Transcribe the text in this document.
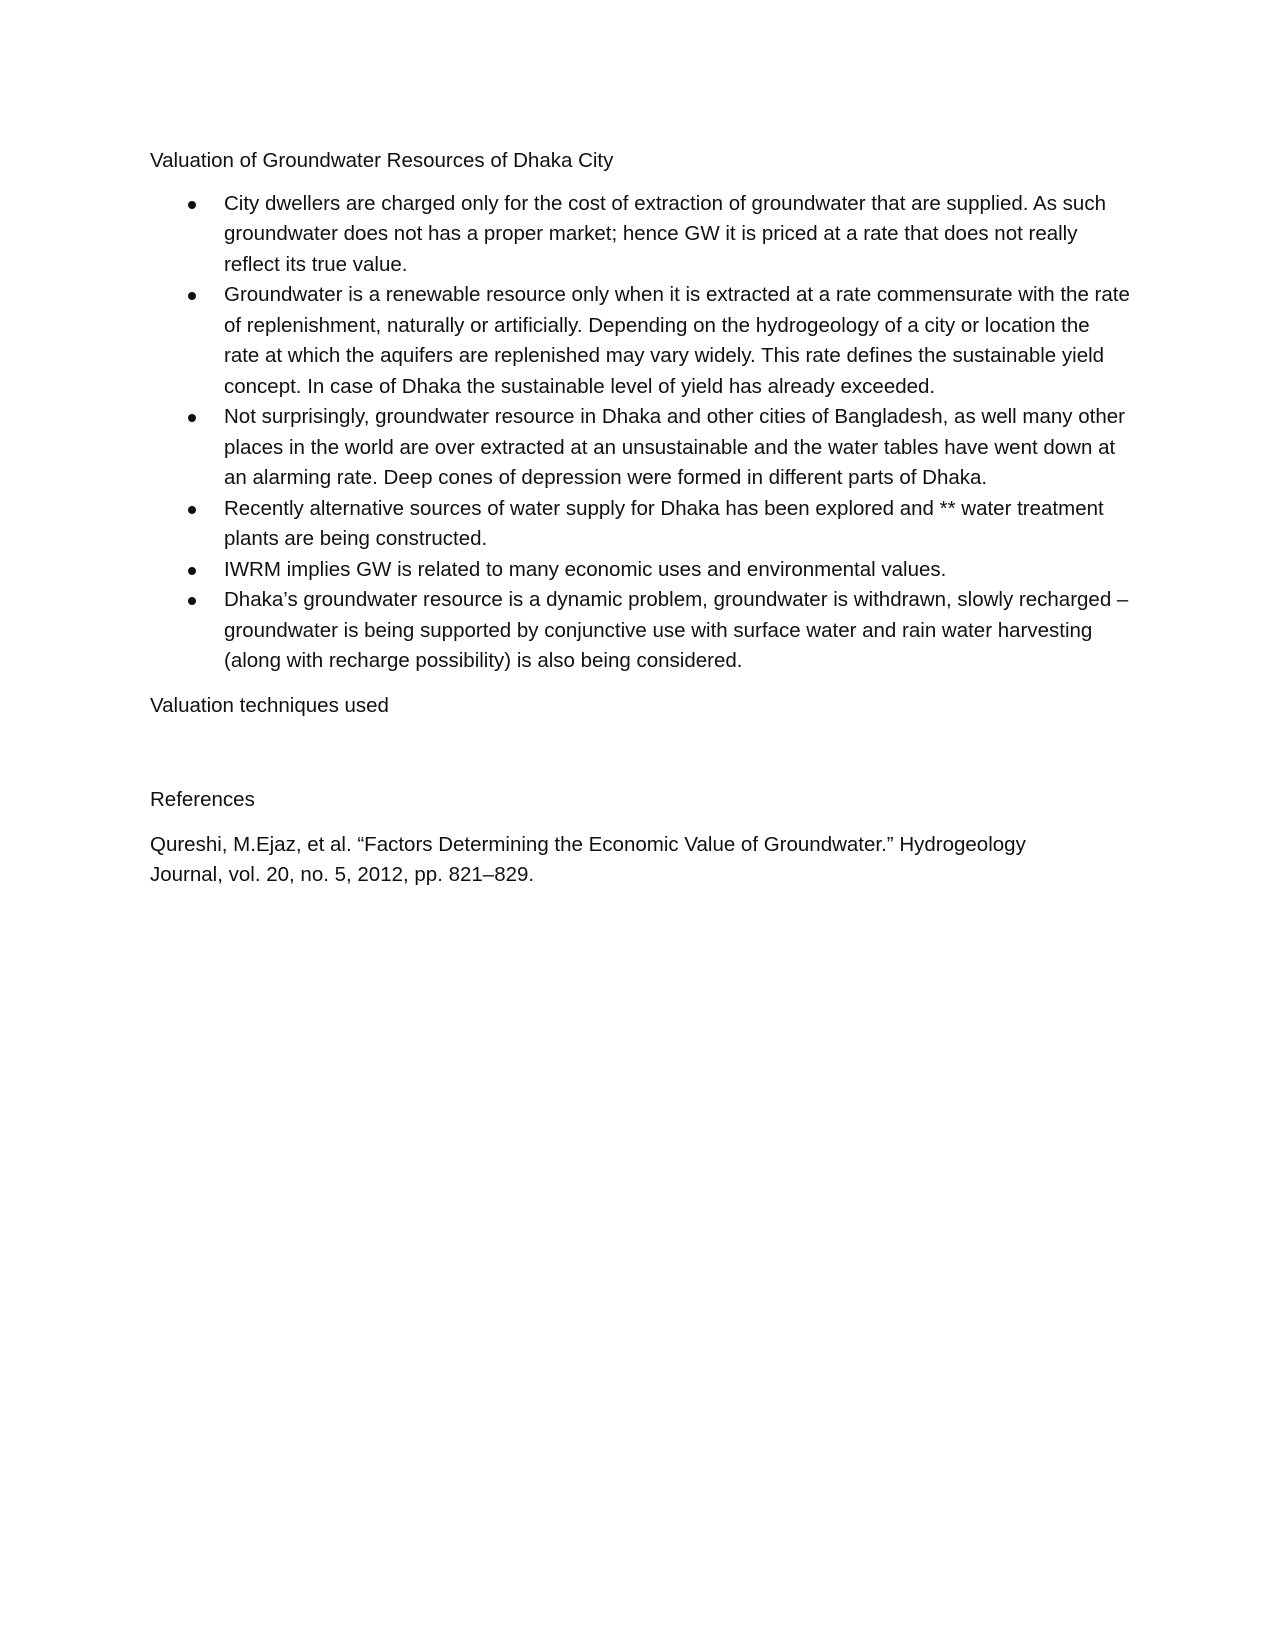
Valuation of Groundwater Resources of Dhaka City

City dwellers are charged only for the cost of extraction of groundwater that are supplied. As such groundwater does not has a proper market; hence GW it is priced at a rate that does not really reflect its true value.
Groundwater is a renewable resource only when it is extracted at a rate commensurate with the rate of replenishment, naturally or artificially. Depending on the hydrogeology of a city or location the rate at which the aquifers are replenished may vary widely. This rate defines the sustainable yield concept. In case of Dhaka the sustainable level of yield has already exceeded.
Not surprisingly, groundwater resource in Dhaka and other cities of Bangladesh, as well many other places in the world are over extracted at an unsustainable and the water tables have went down at an alarming rate. Deep cones of depression were formed in different parts of Dhaka.
Recently alternative sources of water supply for Dhaka has been explored and ** water treatment plants are being constructed.
IWRM implies GW is related to many economic uses and environmental values.
Dhaka’s groundwater resource is a dynamic problem, groundwater is withdrawn, slowly recharged – groundwater is being supported by conjunctive use with surface water and rain water harvesting (along with recharge possibility) is also being considered.

Valuation techniques used

References

Qureshi, M.Ejaz, et al. “Factors Determining the Economic Value of Groundwater.” Hydrogeology Journal, vol. 20, no. 5, 2012, pp. 821–829.
